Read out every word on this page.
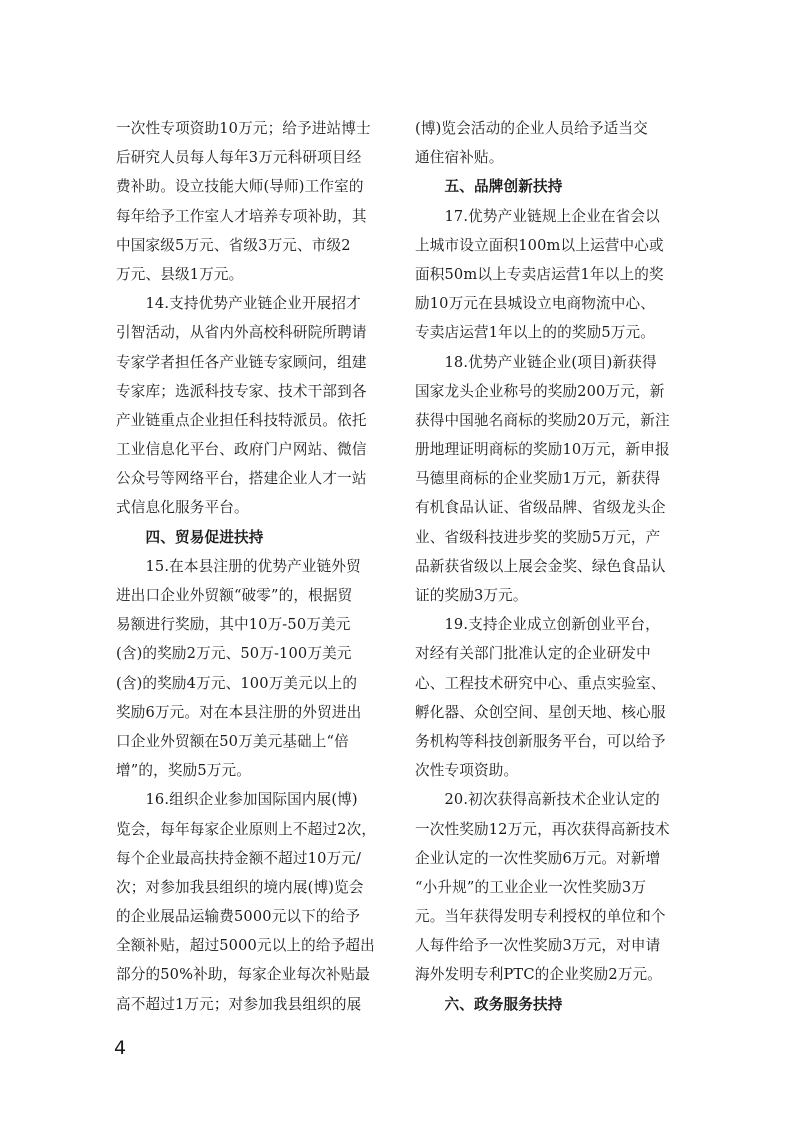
一次性专项资助10万元；给予进站博士
后研究人员每人每年3万元科研项目经
费补助。设立技能大师(导师)工作室的
每年给予工作室人才培养专项补助，其
中国家级5万元、省级3万元、市级2
万元、县级1万元。
　　14.支持优势产业链企业开展招才
引智活动，从省内外高校科研院所聘请
专家学者担任各产业链专家顾问，组建
专家库；选派科技专家、技术干部到各
产业链重点企业担任科技特派员。依托
工业信息化平台、政府门户网站、微信
公众号等网络平台，搭建企业人才一站
式信息化服务平台。
　　四、贸易促进扶持
　　15.在本县注册的优势产业链外贸
进出口企业外贸额“破零”的，根据贸
易额进行奖励，其中10万-50万美元
(含)的奖励2万元、50万-100万美元
(含)的奖励4万元、100万美元以上的
奖励6万元。对在本县注册的外贸进出
口企业外贸额在50万美元基础上“倍
增”的，奖励5万元。
　　16.组织企业参加国际国内展(博)
览会，每年每家企业原则上不超过2次，
每个企业最高扶持金额不超过10万元/
次；对参加我县组织的境内展(博)览会
的企业展品运输费5000元以下的给予
全额补贴，超过5000元以上的给予超出
部分的50%补助，每家企业每次补贴最
高不超过1万元；对参加我县组织的展
(博)览会活动的企业人员给予适当交
通住宿补贴。
　　五、品牌创新扶持
　　17.优势产业链规上企业在省会以
上城市设立面积100m以上运营中心或
面积50m以上专卖店运营1年以上的奖
励10万元在县城设立电商物流中心、
专卖店运营1年以上的的奖励5万元。
　　18.优势产业链企业(项目)新获得
国家龙头企业称号的奖励200万元，新
获得中国驰名商标的奖励20万元，新注
册地理证明商标的奖励10万元，新申报
马德里商标的企业奖励1万元，新获得
有机食品认证、省级品牌、省级龙头企
业、省级科技进步奖的奖励5万元，产
品新获省级以上展会金奖、绿色食品认
证的奖励3万元。
　　19.支持企业成立创新创业平台，
对经有关部门批准认定的企业研发中
心、工程技术研究中心、重点实验室、
孵化器、众创空间、星创天地、核心服
务机构等科技创新服务平台，可以给予
次性专项资助。
　　20.初次获得高新技术企业认定的
一次性奖励12万元，再次获得高新技术
企业认定的一次性奖励6万元。对新增
“小升规”的工业企业一次性奖励3万
元。当年获得发明专利授权的单位和个
人每件给予一次性奖励3万元，对申请
海外发明专利PTC的企业奖励2万元。
　　六、政务服务扶持
4
